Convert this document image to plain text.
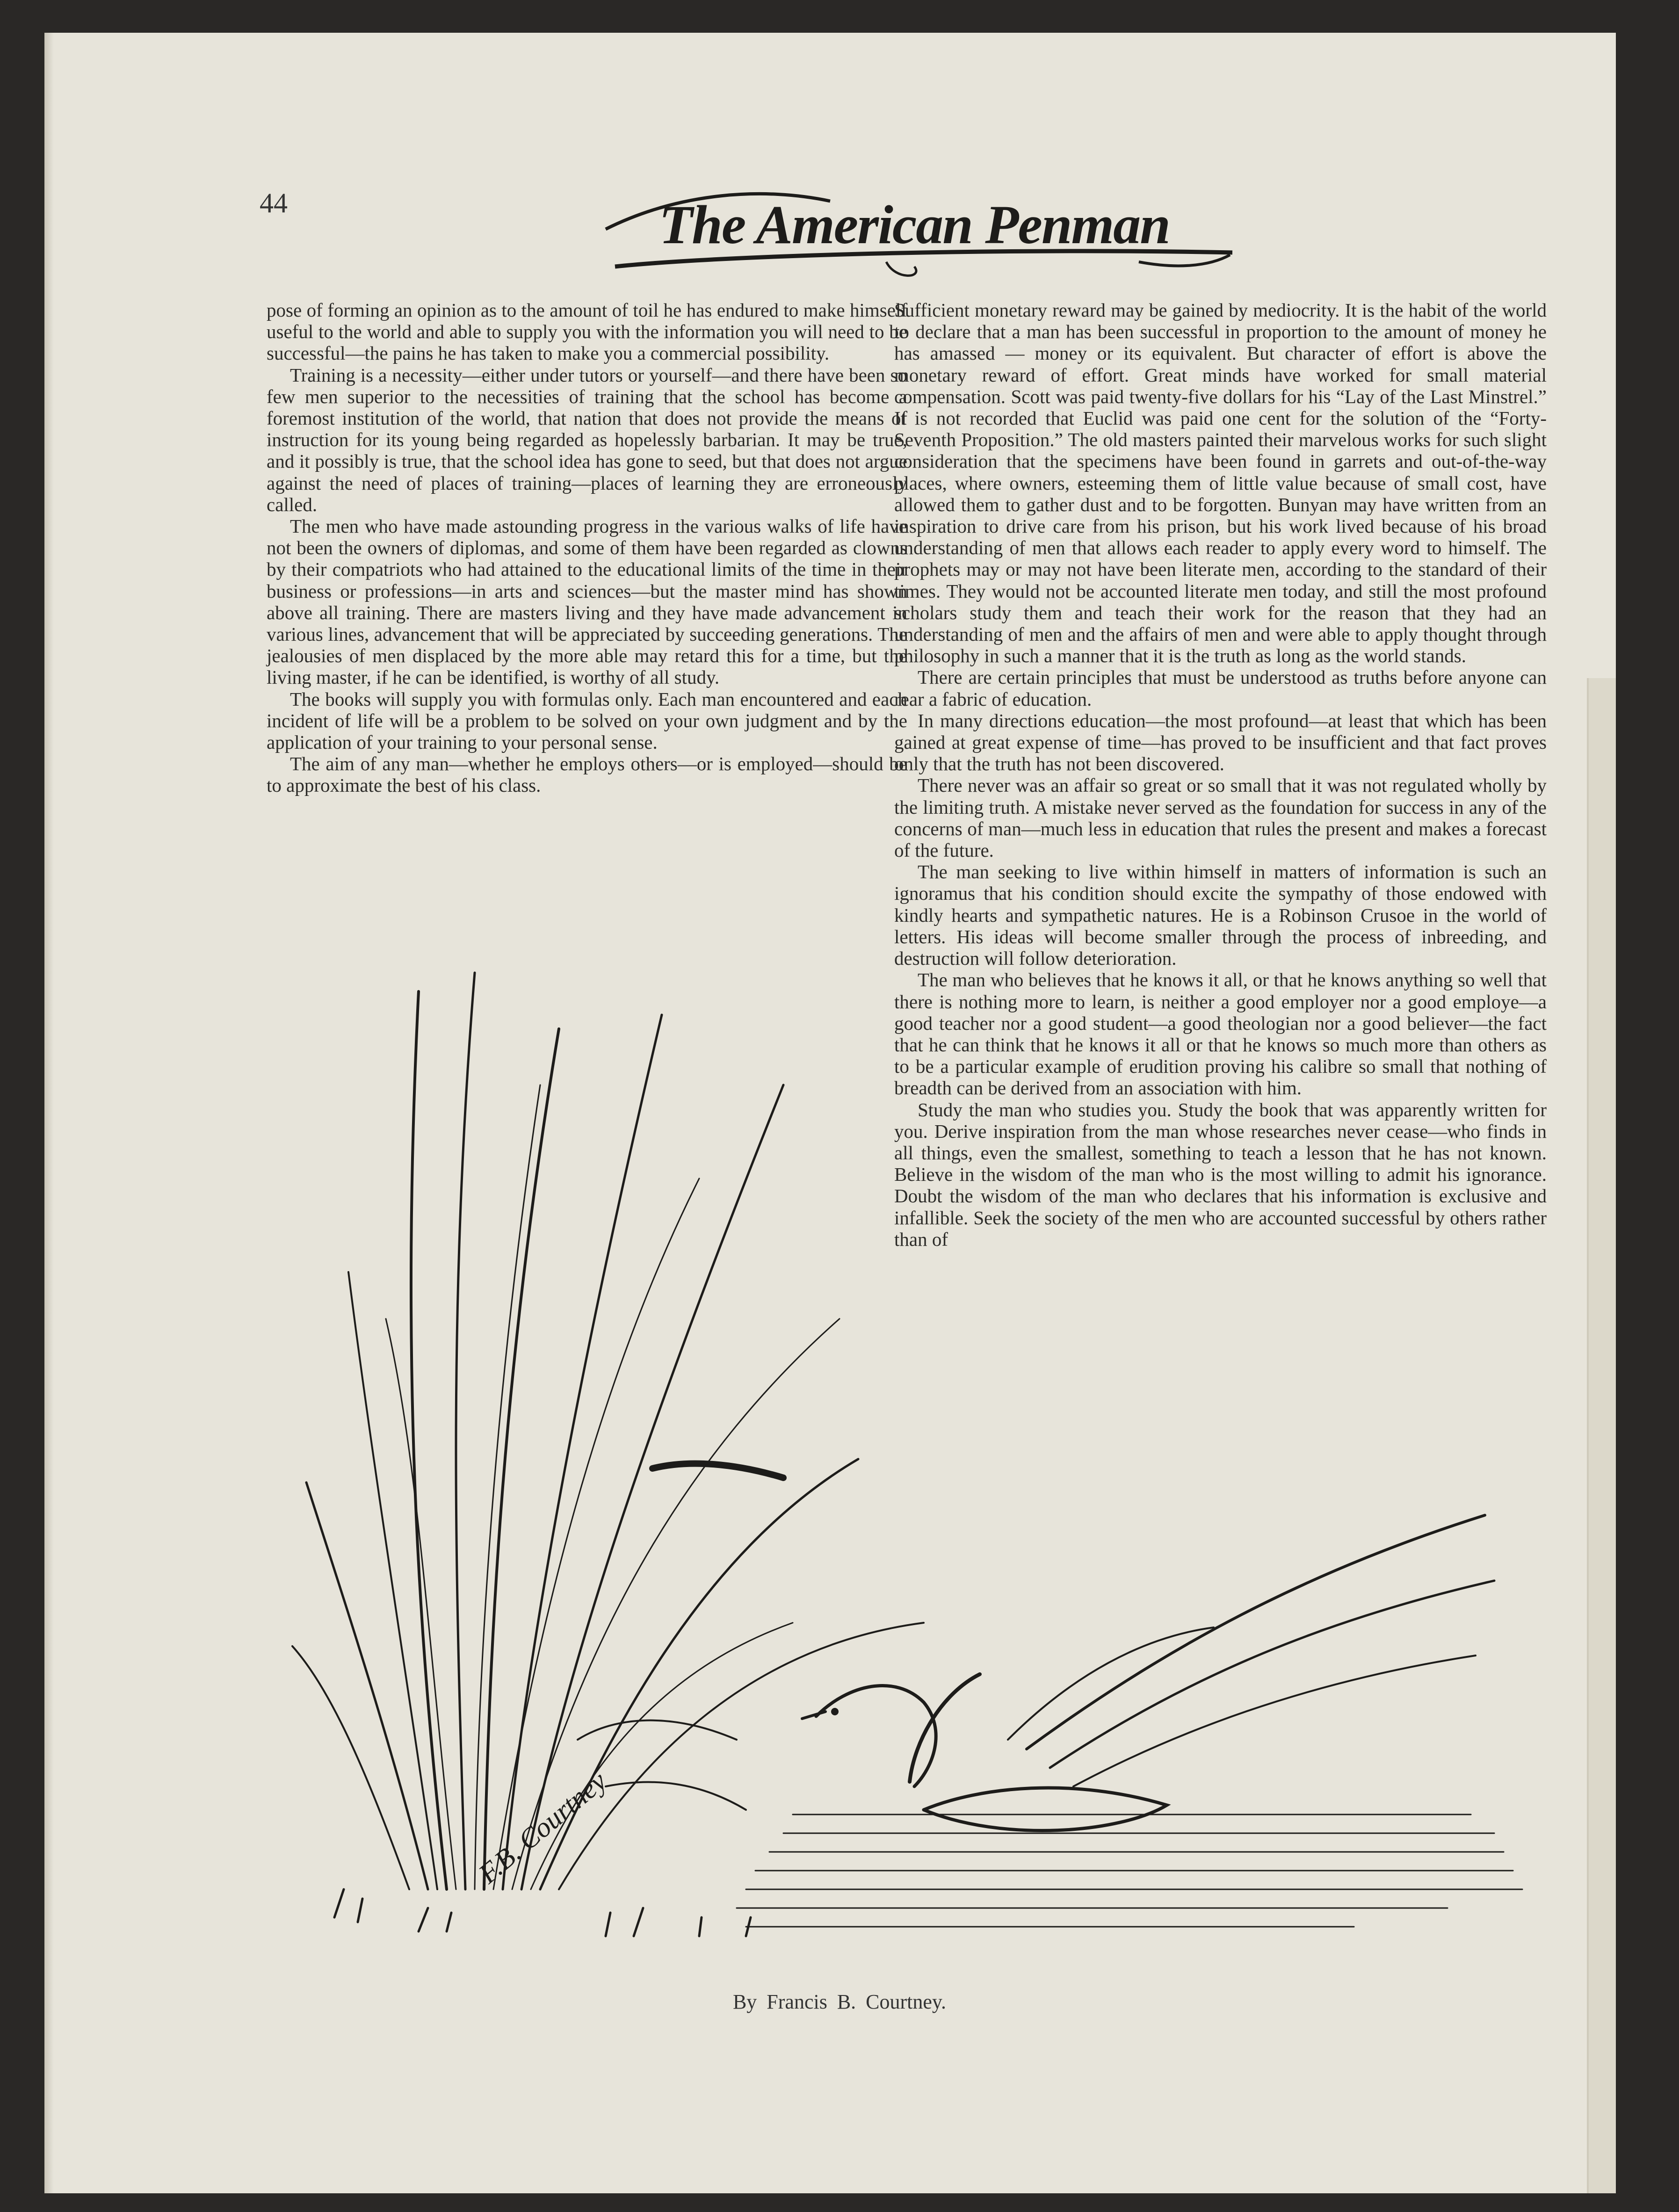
44	The American Penman

pose of forming an opinion as to the amount of toil he has endured to make himself useful to the world and able to supply you with the information you will need to be successful—the pains he has taken to make you a commercial possibility.

Training is a necessity—either under tutors or yourself—and there have been so few men superior to the necessities of training that the school has become a foremost institution of the world, that nation that does not provide the means of instruction for its young being regarded as hopelessly barbarian. It may be true, and it possibly is true, that the school idea has gone to seed, but that does not argue against the need of places of training—places of learning they are erroneously called.

The men who have made astounding progress in the various walks of life have not been the owners of diplomas, and some of them have been regarded as clowns by their compatriots who had attained to the educational limits of the time in their business or professions—in arts and sciences—but the master mind has shown above all training. There are masters living and they have made advancement in various lines, advancement that will be appreciated by succeeding generations. The jealousies of men displaced by the more able may retard this for a time, but the living master, if he can be identified, is worthy of all study.

The books will supply you with formulas only. Each man encountered and each incident of life will be a problem to be solved on your own judgment and by the application of your training to your personal sense.

The aim of any man—whether he employs others—or is employed—should be to approximate the best of his class.

Sufficient monetary reward may be gained by mediocrity. It is the habit of the world to declare that a man has been successful in proportion to the amount of money he has amassed — money or its equivalent. But character of effort is above the monetary reward of effort. Great minds have worked for small material compensation. Scott was paid twenty-five dollars for his “Lay of the Last Minstrel.” It is not recorded that Euclid was paid one cent for the solution of the “Forty-Seventh Proposition.” The old masters painted their marvelous works for such slight consideration that the specimens have been found in garrets and out-of-the-way places, where owners, esteeming them of little value because of small cost, have allowed them to gather dust and to be forgotten. Bunyan may have written from an inspiration to drive care from his prison, but his work lived because of his broad understanding of men that allows each reader to apply every word to himself. The prophets may or may not have been literate men, according to the standard of their times. They would not be accounted literate men today, and still the most profound scholars study them and teach their work for the reason that they had an understanding of men and the affairs of men and were able to apply thought through philosophy in such a manner that it is the truth as long as the world stands.

There are certain principles that must be understood as truths before anyone can rear a fabric of education.

In many directions education—the most profound—at least that which has been gained at great expense of time—has proved to be insufficient and that fact proves only that the truth has not been discovered.

There never was an affair so great or so small that it was not regulated wholly by the limiting truth. A mistake never served as the foundation for success in any of the concerns of man—much less in education that rules the present and makes a forecast of the future.

The man seeking to live within himself in matters of information is such an ignoramus that his condition should excite the sympathy of those endowed with kindly hearts and sympathetic natures. He is a Robinson Crusoe in the world of letters. His ideas will become smaller through the process of inbreeding, and destruction will follow deterioration.

The man who believes that he knows it all, or that he knows anything so well that there is nothing more to learn, is neither a good employer nor a good employe—a good teacher nor a good student—a good theologian nor a good believer—the fact that he can think that he knows it all or that he knows so much more than others as to be a particular example of erudition proving his calibre so small that nothing of breadth can be derived from an association with him.

Study the man who studies you. Study the book that was apparently written for you. Derive inspiration from the man whose researches never cease—who finds in all things, even the smallest, something to teach a lesson that he has not known. Believe in the wisdom of the man who is the most willing to admit his ignorance. Doubt the wisdom of the man who declares that his information is exclusive and infallible. Seek the society of the men who are accounted successful by others rather than of

F.B. Courtney
By Francis B. Courtney.
